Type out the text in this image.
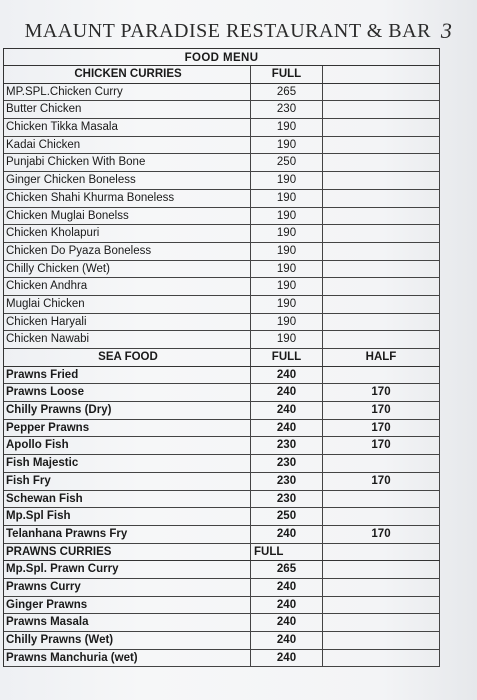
MAAUNT PARADISE RESTAURANT & BAR 3
FOOD MENU
CHICKEN CURRIES	FULL
MP.SPL.Chicken Curry	265
Butter Chicken	230
Chicken Tikka Masala	190
Kadai Chicken	190
Punjabi Chicken With Bone	250
Ginger Chicken Boneless	190
Chicken Shahi Khurma Boneless	190
Chicken Muglai Bonelss	190
Chicken Kholapuri	190
Chicken Do Pyaza Boneless	190
Chilly Chicken (Wet)	190
Chicken Andhra	190
Muglai Chicken	190
Chicken Haryali	190
Chicken Nawabi	190
SEA FOOD	FULL	HALF
Prawns Fried	240
Prawns Loose	240	170
Chilly Prawns (Dry)	240	170
Pepper Prawns	240	170
Apollo Fish	230	170
Fish Majestic	230
Fish Fry	230	170
Schewan Fish	230
Mp.Spl Fish	250
Telanhana Prawns Fry	240	170
PRAWNS CURRIES	FULL
Mp.Spl. Prawn Curry	265
Prawns Curry	240
Ginger Prawns	240
Prawns Masala	240
Chilly Prawns (Wet)	240
Prawns Manchuria (wet)	240
